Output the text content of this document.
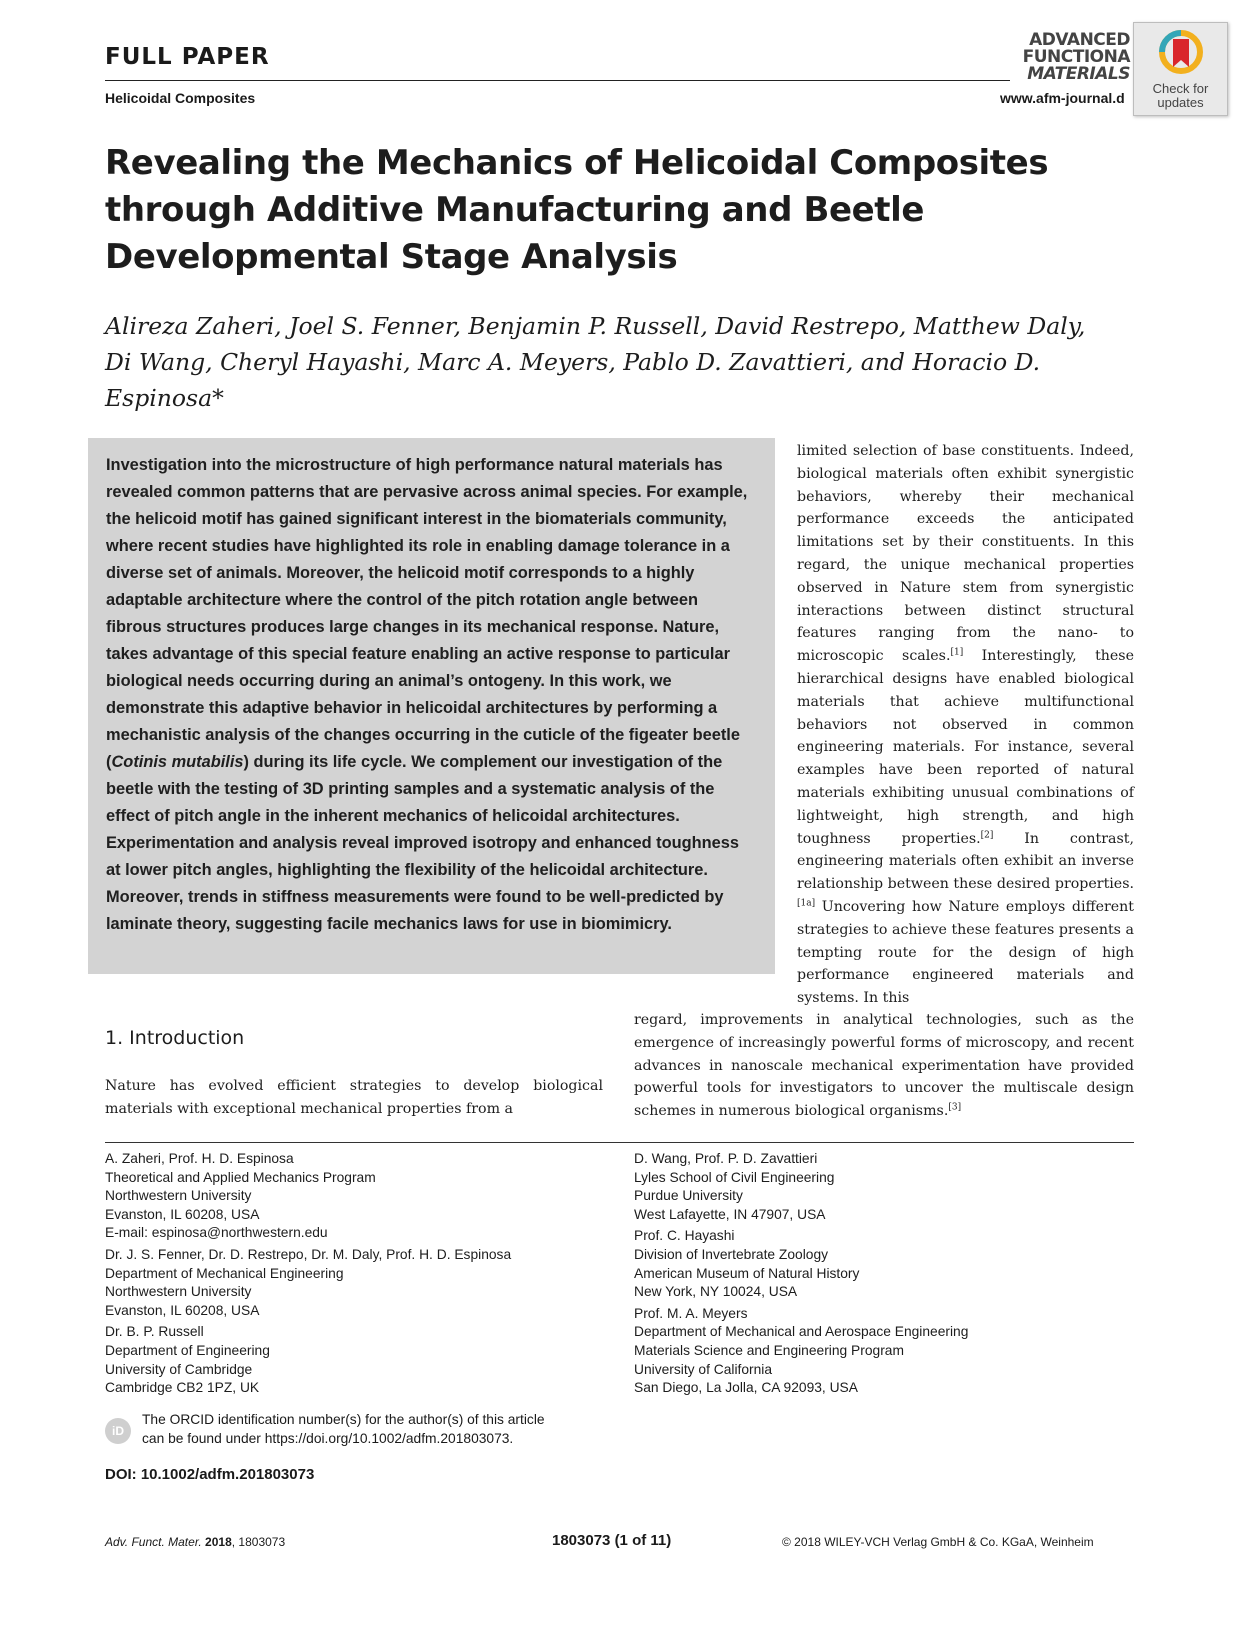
FULL PAPER
Helicoidal Composites	www.afm-journal.d
ADVANCED
FUNCTIONA
MATERIALS
Check for
updates
Revealing the Mechanics of Helicoidal Composites through Additive Manufacturing and Beetle Developmental Stage Analysis
Alireza Zaheri, Joel S. Fenner, Benjamin P. Russell, David Restrepo, Matthew Daly,
Di Wang, Cheryl Hayashi, Marc A. Meyers, Pablo D. Zavattieri, and Horacio D. Espinosa*
Investigation into the microstructure of high performance natural materials has revealed common patterns that are pervasive across animal species. For example, the helicoid motif has gained significant interest in the biomaterials community, where recent studies have highlighted its role in enabling damage tolerance in a diverse set of animals. Moreover, the helicoid motif corresponds to a highly adaptable architecture where the control of the pitch rotation angle between fibrous structures produces large changes in its mechanical response. Nature, takes advantage of this special feature enabling an active response to particular biological needs occurring during an animal’s ontogeny. In this work, we demonstrate this adaptive behavior in helicoidal architectures by performing a mechanistic analysis of the changes occurring in the cuticle of the figeater beetle (Cotinis mutabilis) during its life cycle. We complement our investigation of the beetle with the testing of 3D printing samples and a systematic analysis of the effect of pitch angle in the inherent mechanics of helicoidal architectures. Experimentation and analysis reveal improved isotropy and enhanced toughness at lower pitch angles, highlighting the flexibility of the helicoidal architecture. Moreover, trends in stiffness measurements were found to be well-predicted by laminate theory, suggesting facile mechanics laws for use in biomimicry.
limited selection of base constituents. Indeed, biological materials often exhibit synergistic behaviors, whereby their mechanical performance exceeds the anticipated limitations set by their constituents. In this regard, the unique mechanical properties observed in Nature stem from synergistic interactions between distinct structural features ranging from the nano- to microscopic scales.[1] Interestingly, these hierarchical designs have enabled biological materials that achieve multifunctional behaviors not observed in common engineering materials. For instance, several examples have been reported of natural materials exhibiting unusual combinations of lightweight, high strength, and high toughness properties.[2] In contrast, engineering materials often exhibit an inverse relationship between these desired properties.[1a] Uncovering how Nature employs different strategies to achieve these features presents a tempting route for the design of high performance engineered materials and systems. In this
regard, improvements in analytical technologies, such as the emergence of increasingly powerful forms of microscopy, and recent advances in nanoscale mechanical experimentation have provided powerful tools for investigators to uncover the multiscale design schemes in numerous biological organisms.[3]
1. Introduction
Nature has evolved efficient strategies to develop biological materials with exceptional mechanical properties from a
A. Zaheri, Prof. H. D. Espinosa
Theoretical and Applied Mechanics Program
Northwestern University
Evanston, IL 60208, USA
E-mail: espinosa@northwestern.edu
Dr. J. S. Fenner, Dr. D. Restrepo, Dr. M. Daly, Prof. H. D. Espinosa
Department of Mechanical Engineering
Northwestern University
Evanston, IL 60208, USA
Dr. B. P. Russell
Department of Engineering
University of Cambridge
Cambridge CB2 1PZ, UK
D. Wang, Prof. P. D. Zavattieri
Lyles School of Civil Engineering
Purdue University
West Lafayette, IN 47907, USA
Prof. C. Hayashi
Division of Invertebrate Zoology
American Museum of Natural History
New York, NY 10024, USA
Prof. M. A. Meyers
Department of Mechanical and Aerospace Engineering
Materials Science and Engineering Program
University of California
San Diego, La Jolla, CA 92093, USA
iD
The ORCID identification number(s) for the author(s) of this article
can be found under https://doi.org/10.1002/adfm.201803073.
DOI: 10.1002/adfm.201803073
Adv. Funct. Mater. 2018, 1803073	1803073 (1 of 11)	© 2018 WILEY-VCH Verlag GmbH & Co. KGaA, Weinheim
